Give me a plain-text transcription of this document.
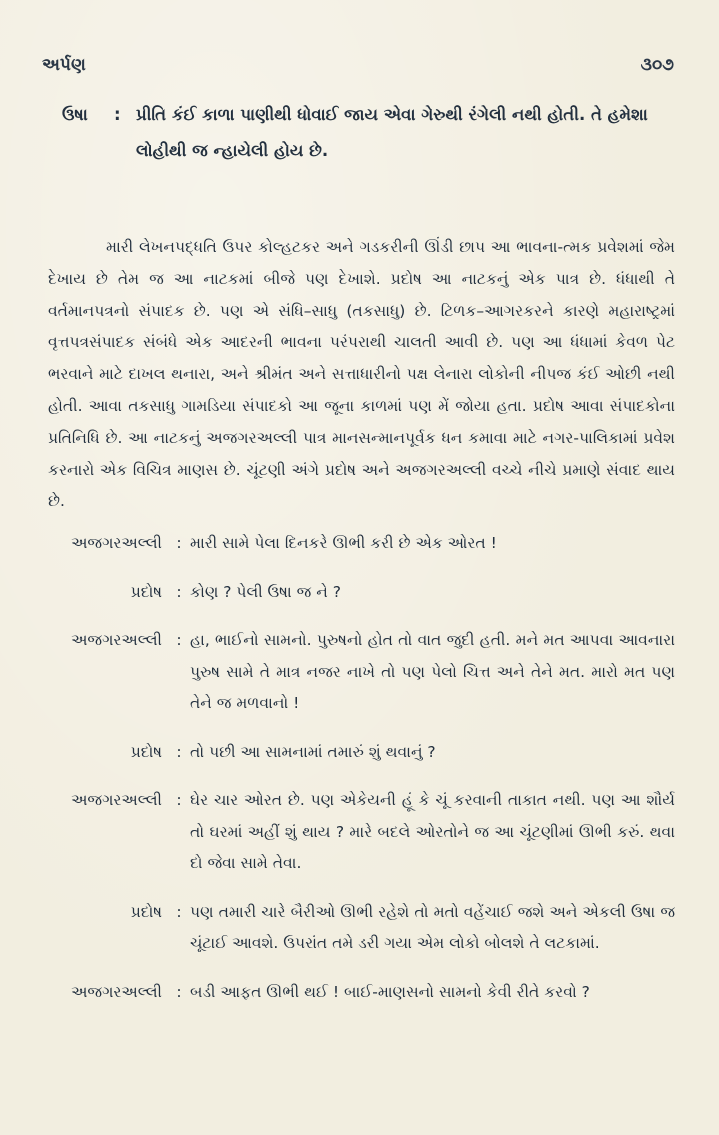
અર્પણ	૩૦૭
ઉષા	: પ્રીતિ કંઈ કાળા પાણીથી ધોવાઈ જાય એવા ગેરુથી રંગેલી નથી હોતી. તે હમેશા લોહીથી જ ન્હાયેલી હોય છે.

મારી લેખનપદ્ધતિ ઉપર કોલ્હટકર અને ગડકરીની ઊંડી છાપ આ ભાવના-ત્મક પ્રવેશમાં જેમ દેખાય છે તેમ જ આ નાટકમાં બીજે પણ દેખાશે. પ્રદોષ આ નાટકનું એક પાત્ર છે. ધંધાથી તે વર્તમાનપત્રનો સંપાદક છે. પણ એ સંધિ–સાધુ (તકસાધુ) છે. ટિળક–આગરકરને કારણે મહારાષ્ટ્રમાં વૃત્તપત્રસંપાદક સંબંધે એક આદરની ભાવના પરંપરાથી ચાલતી આવી છે. પણ આ ધંધામાં કેવળ પેટ ભરવાને માટે દાખલ થનારા, અને શ્રીમંત અને સત્તાધારીનો પક્ષ લેનારા લોકોની નીપજ કંઈ ઓછી નથી હોતી. આવા તકસાધુ ગામડિયા સંપાદકો આ જૂના કાળમાં પણ મેં જોયા હતા. પ્રદોષ આવા સંપાદકોના પ્રતિનિધિ છે. આ નાટકનું અજગરઅલ્લી પાત્ર માનસન્માનપૂર્વક ધન કમાવા માટે નગર-પાલિકામાં પ્રવેશ કરનારો એક વિચિત્ર માણસ છે. ચૂંટણી અંગે પ્રદોષ અને અજગરઅલ્લી વચ્ચે નીચે પ્રમાણે સંવાદ થાય છે.

અજગરઅલ્લી : મારી સામે પેલા દિનકરે ઊભી કરી છે એક ઓરત !
પ્રદોષ : કોણ ? પેલી ઉષા જ ને ?
અજગરઅલ્લી : હા, ભાઈનો સામનો. પુરુષનો હોત તો વાત જુદી હતી. મને મત આપવા આવનારા પુરુષ સામે તે માત્ર નજર નાખે તો પણ પેલો ચિત્ત અને તેને મત. મારો મત પણ તેને જ મળવાનો !
પ્રદોષ : તો પછી આ સામનામાં તમારું શું થવાનું ?
અજગરઅલ્લી : ઘેર ચાર ઓરત છે. પણ એકેયની હૂં કે ચૂં કરવાની તાકાત નથી. પણ આ શૌર્ય તો ઘરમાં અહીં શું થાય ? મારે બદલે ઓરતોને જ આ ચૂંટણીમાં ઊભી કરું. થવા દો જેવા સામે તેવા.
પ્રદોષ : પણ તમારી ચારે બૈરીઓ ઊભી રહેશે તો મતો વહેંચાઈ જશે અને એકલી ઉષા જ ચૂંટાઈ આવશે. ઉપરાંત તમે ડરી ગયા એમ લોકો બોલશે તે લટકામાં.
અજગરઅલ્લી : બડી આફત ઊભી થઈ ! બાઈ-માણસનો સામનો કેવી રીતે કરવો ?
